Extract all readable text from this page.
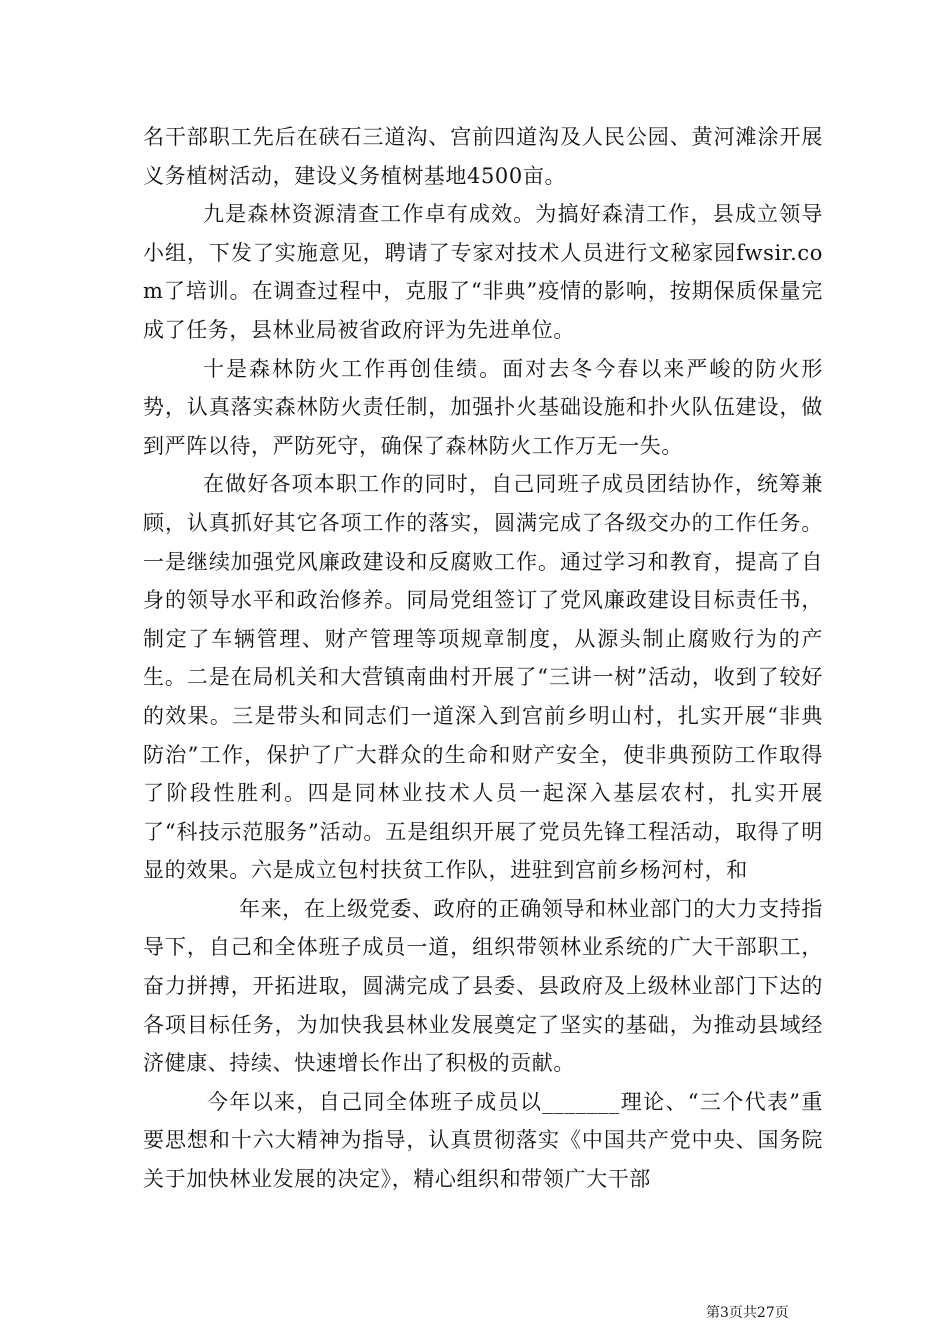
名干部职工先后在硖石三道沟、宫前四道沟及人民公园、黄河滩涂开展义务植树活动，建设义务植树基地4500亩。

九是森林资源清查工作卓有成效。为搞好森清工作，县成立领导小组，下发了实施意见，聘请了专家对技术人员进行文秘家园fwsir.com了培训。在调查过程中，克服了“非典”疫情的影响，按期保质保量完成了任务，县林业局被省政府评为先进单位。

十是森林防火工作再创佳绩。面对去冬今春以来严峻的防火形势，认真落实森林防火责任制，加强扑火基础设施和扑火队伍建设，做到严阵以待，严防死守，确保了森林防火工作万无一失。

在做好各项本职工作的同时，自己同班子成员团结协作，统筹兼顾，认真抓好其它各项工作的落实，圆满完成了各级交办的工作任务。一是继续加强党风廉政建设和反腐败工作。通过学习和教育，提高了自身的领导水平和政治修养。同局党组签订了党风廉政建设目标责任书，制定了车辆管理、财产管理等项规章制度，从源头制止腐败行为的产生。二是在局机关和大营镇南曲村开展了“三讲一树”活动，收到了较好的效果。三是带头和同志们一道深入到宫前乡明山村，扎实开展“非典防治”工作，保护了广大群众的生命和财产安全，使非典预防工作取得了阶段性胜利。四是同林业技术人员一起深入基层农村，扎实开展了“科技示范服务”活动。五是组织开展了党员先锋工程活动，取得了明显的效果。六是成立包村扶贫工作队，进驻到宫前乡杨河村，和

年来，在上级党委、政府的正确领导和林业部门的大力支持指导下，自己和全体班子成员一道，组织带领林业系统的广大干部职工，奋力拼搏，开拓进取，圆满完成了县委、县政府及上级林业部门下达的各项目标任务，为加快我县林业发展奠定了坚实的基础，为推动县域经济健康、持续、快速增长作出了积极的贡献。

今年以来，自己同全体班子成员以_______理论、“三个代表”重要思想和十六大精神为指导，认真贯彻落实《中国共产党中央、国务院关于加快林业发展的决定》，精心组织和带领广大干部

第3页共27页
